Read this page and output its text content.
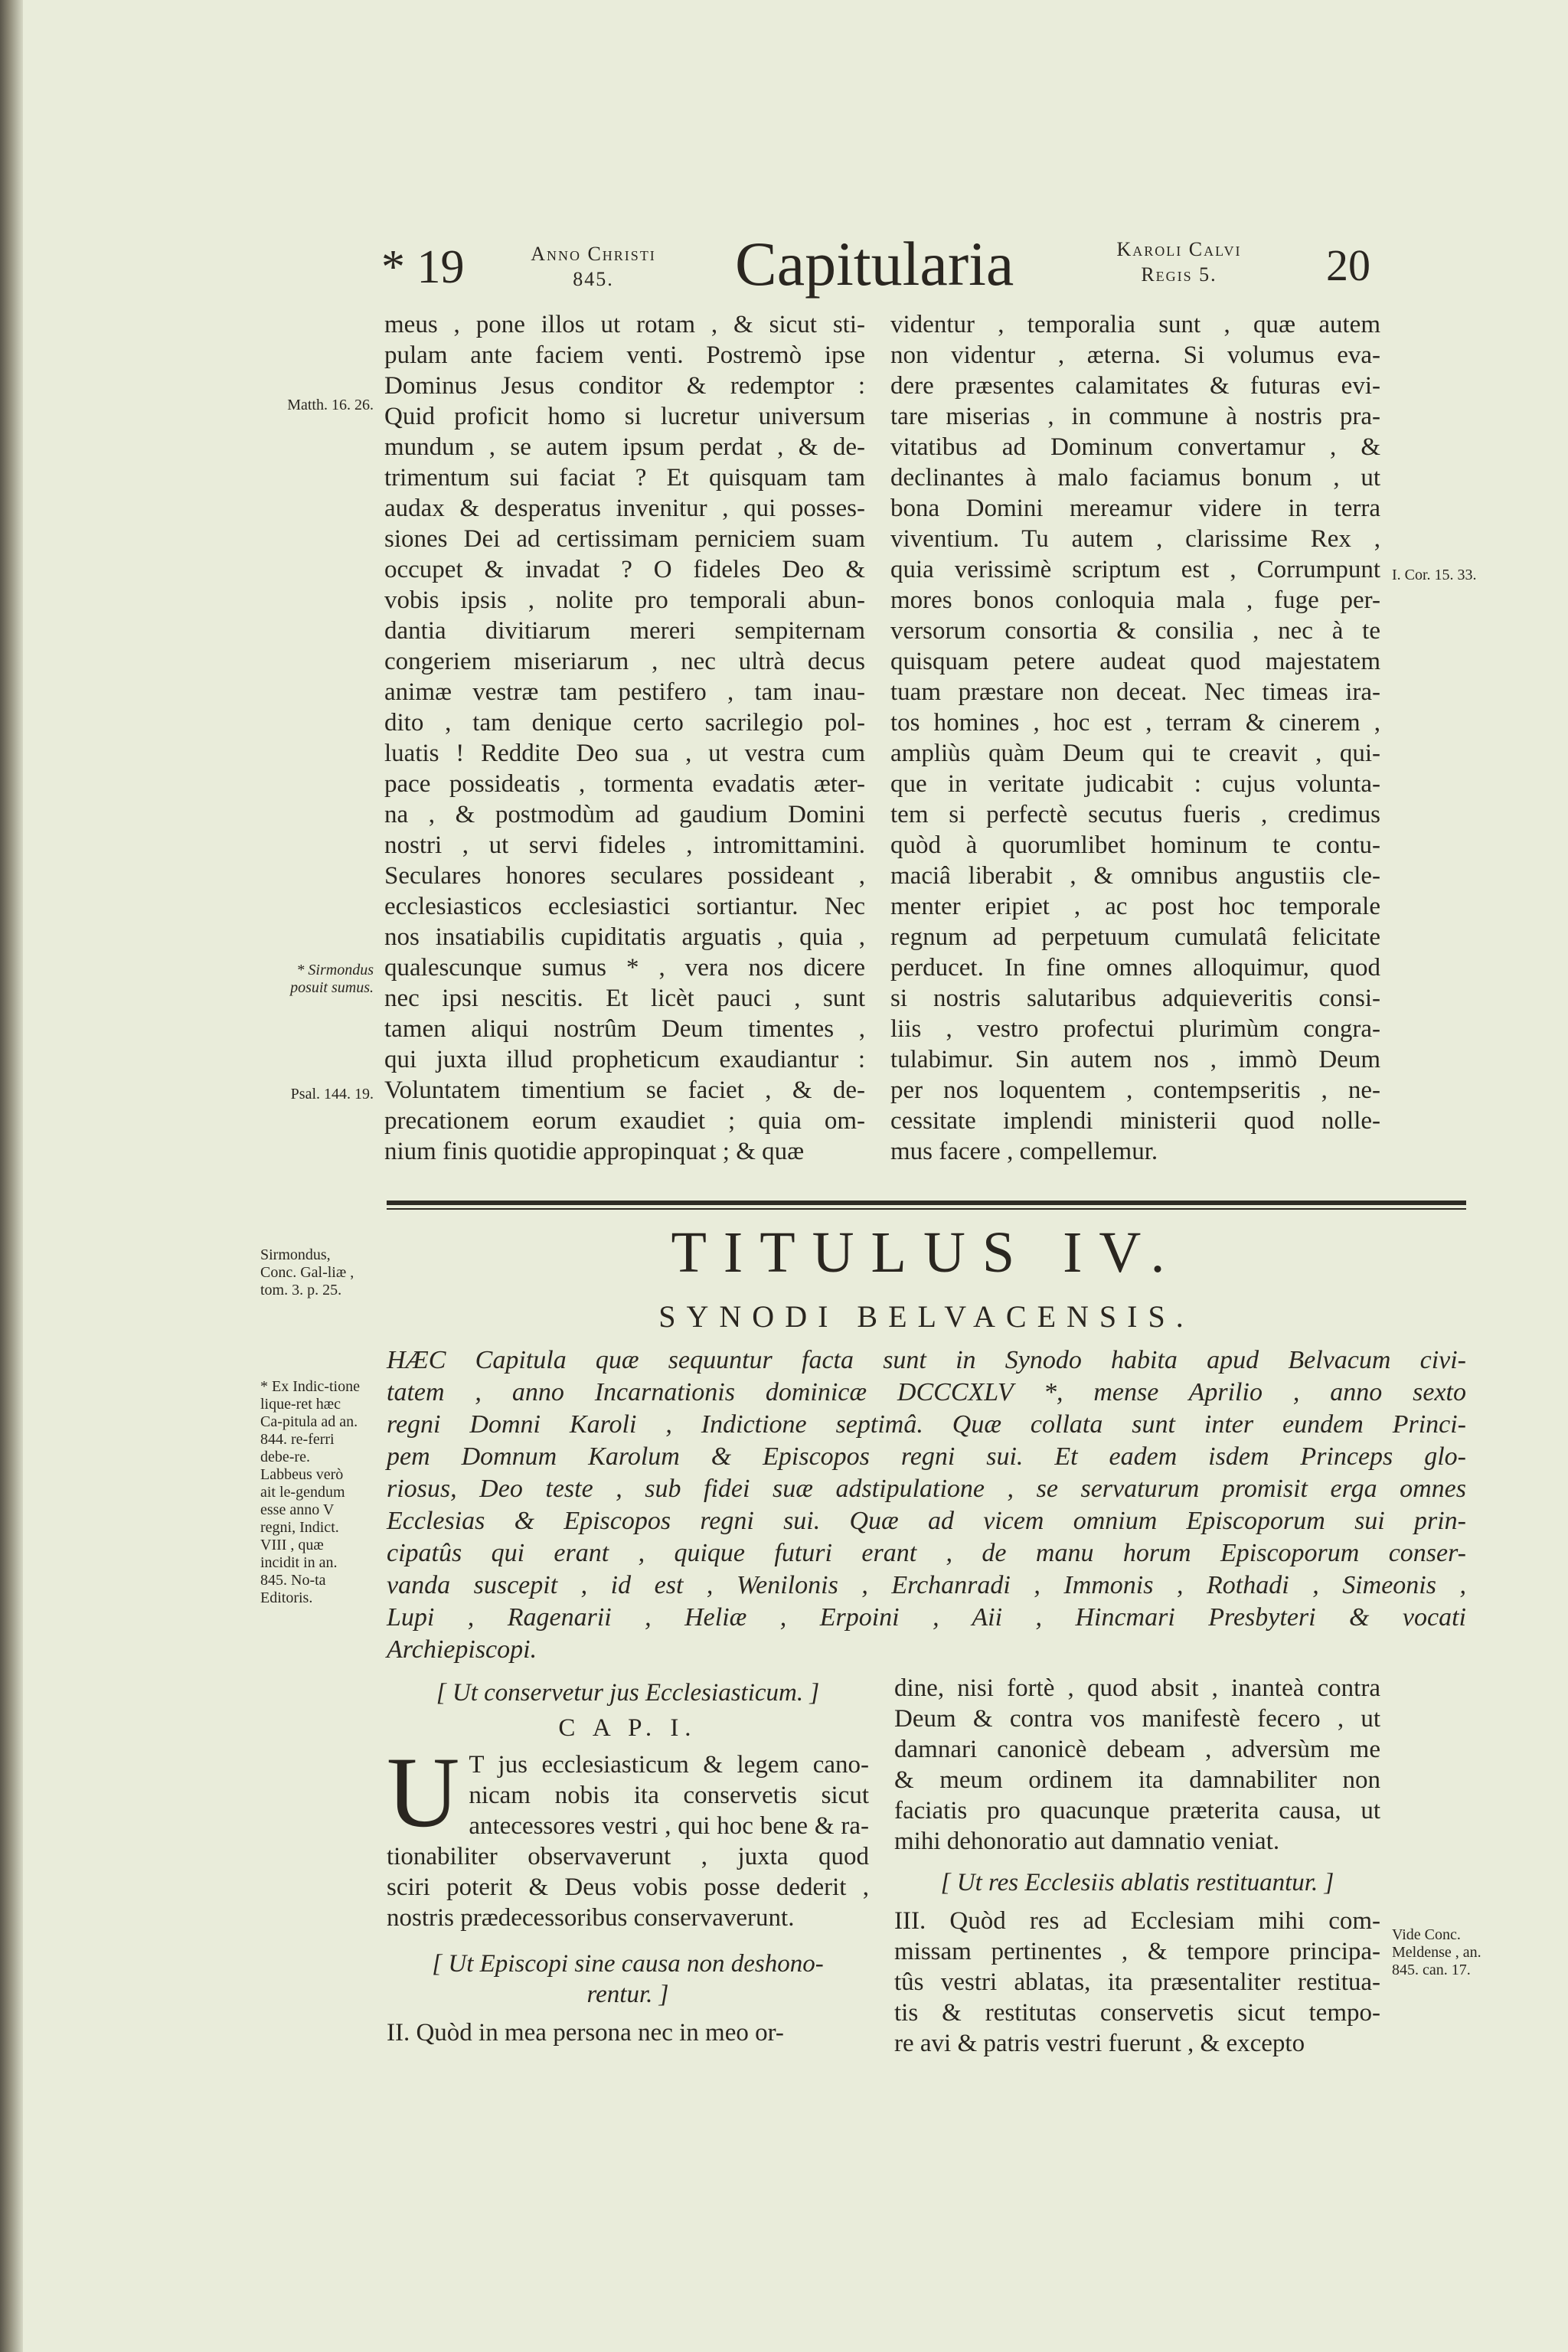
* 19	Anno Christi
845.	Capitularia	Karoli Calvi
Regis 5.	20
meus , pone illos ut rotam , & sicut sti-
pulam ante faciem venti. Postremò ipse
Dominus Jesus conditor & redemptor :
Quid proficit homo si lucretur universum
mundum , se autem ipsum perdat , & de-
trimentum sui faciat ? Et quisquam tam
audax & desperatus invenitur , qui posses-
siones Dei ad certissimam perniciem suam
occupet & invadat ? O fideles Deo &
vobis ipsis , nolite pro temporali abun-
dantia divitiarum mereri sempiternam
congeriem miseriarum , nec ultrà decus
animæ vestræ tam pestifero , tam inau-
dito , tam denique certo sacrilegio pol-
luatis ! Reddite Deo sua , ut vestra cum
pace possideatis , tormenta evadatis æter-
na , & postmodùm ad gaudium Domini
nostri , ut servi fideles , intromittamini.
Seculares honores seculares possideant ,
ecclesiasticos ecclesiastici sortiantur. Nec
nos insatiabilis cupiditatis arguatis , quia ,
qualescunque sumus * , vera nos dicere
nec ipsi nescitis. Et licèt pauci , sunt
tamen aliqui nostrûm Deum timentes ,
qui juxta illud propheticum exaudiantur :
Voluntatem timentium se faciet , & de-
precationem eorum exaudiet ; quia om-
nium finis quotidie appropinquat ; & quæ
videntur , temporalia sunt , quæ autem
non videntur , æterna. Si volumus eva-
dere præsentes calamitates & futuras evi-
tare miserias , in commune à nostris pra-
vitatibus ad Dominum convertamur , &
declinantes à malo faciamus bonum , ut
bona Domini mereamur videre in terra
viventium. Tu autem , clarissime Rex ,
quia verissimè scriptum est , Corrumpunt
mores bonos conloquia mala , fuge per-
versorum consortia & consilia , nec à te
quisquam petere audeat quod majestatem
tuam præstare non deceat. Nec timeas ira-
tos homines , hoc est , terram & cinerem ,
ampliùs quàm Deum qui te creavit , qui-
que in veritate judicabit : cujus volunta-
tem si perfectè secutus fueris , credimus
quòd à quorumlibet hominum te contu-
maciâ liberabit , & omnibus angustiis cle-
menter eripiet , ac post hoc temporale
regnum ad perpetuum cumulatâ felicitate
perducet. In fine omnes alloquimur, quod
si nostris salutaribus adquieveritis consi-
liis , vestro profectui plurimùm congra-
tulabimur. Sin autem nos , immò Deum
per nos loquentem , contempseritis , ne-
cessitate implendi ministerii quod nolle-
mus facere , compellemur.
Matth. 16. 26.
* Sirmondus posuit sumus.
Psal. 144. 19.
I. Cor. 15. 33.
Sirmondus, Conc. Gal-liæ , tom. 3. p. 25.
* Ex Indic-tione lique-ret hæc Ca-pitula ad an. 844. re-ferri debe-re. Labbeus verò ait le-gendum esse anno V regni, Indict. VIII , quæ incidit in an. 845. No-ta Editoris.
Vide Conc. Meldense , an. 845. can. 17.
TITULUS IV.
SYNODI BELVACENSIS.
HÆC Capitula quæ sequuntur facta sunt in Synodo habita apud Belvacum civi-
tatem , anno Incarnationis dominicæ DCCCXLV *, mense Aprilio , anno sexto
regni Domni Karoli , Indictione septimâ. Quæ collata sunt inter eundem Princi-
pem Domnum Karolum & Episcopos regni sui. Et eadem isdem Princeps glo-
riosus, Deo teste , sub fidei suæ adstipulatione , se servaturum promisit erga omnes
Ecclesias & Episcopos regni sui. Quæ ad vicem omnium Episcoporum sui prin-
cipatûs qui erant , quique futuri erant , de manu horum Episcoporum conser-
vanda suscepit , id est , Wenilonis , Erchanradi , Immonis , Rothadi , Simeonis ,
Lupi , Ragenarii , Heliæ , Erpoini , Aii , Hincmari Presbyteri & vocati
Archiepiscopi.

[ Ut conservetur jus Ecclesiasticum. ]

C A P. I.

U T jus ecclesiasticum & legem cano-
nicam nobis ita conservetis sicut
antecessores vestri , qui hoc bene & ra-
tionabiliter observaverunt , juxta quod
sciri poterit & Deus vobis posse dederit ,
nostris prædecessoribus conservaverunt.

[ Ut Episcopi sine causa non deshono-

rentur. ]

II. Quòd in mea persona nec in meo or-

dine, nisi fortè , quod absit , inanteà contra
Deum & contra vos manifestè fecero , ut
damnari canonicè debeam , adversùm me
& meum ordinem ita damnabiliter non
faciatis pro quacunque præterita causa, ut
mihi dehonoratio aut damnatio veniat.

[ Ut res Ecclesiis ablatis restituantur. ]

III. Quòd res ad Ecclesiam mihi com-
missam pertinentes , & tempore principa-
tûs vestri ablatas, ita præsentaliter restitua-
tis & restitutas conservetis sicut tempo-
re avi & patris vestri fuerunt , & excepto
